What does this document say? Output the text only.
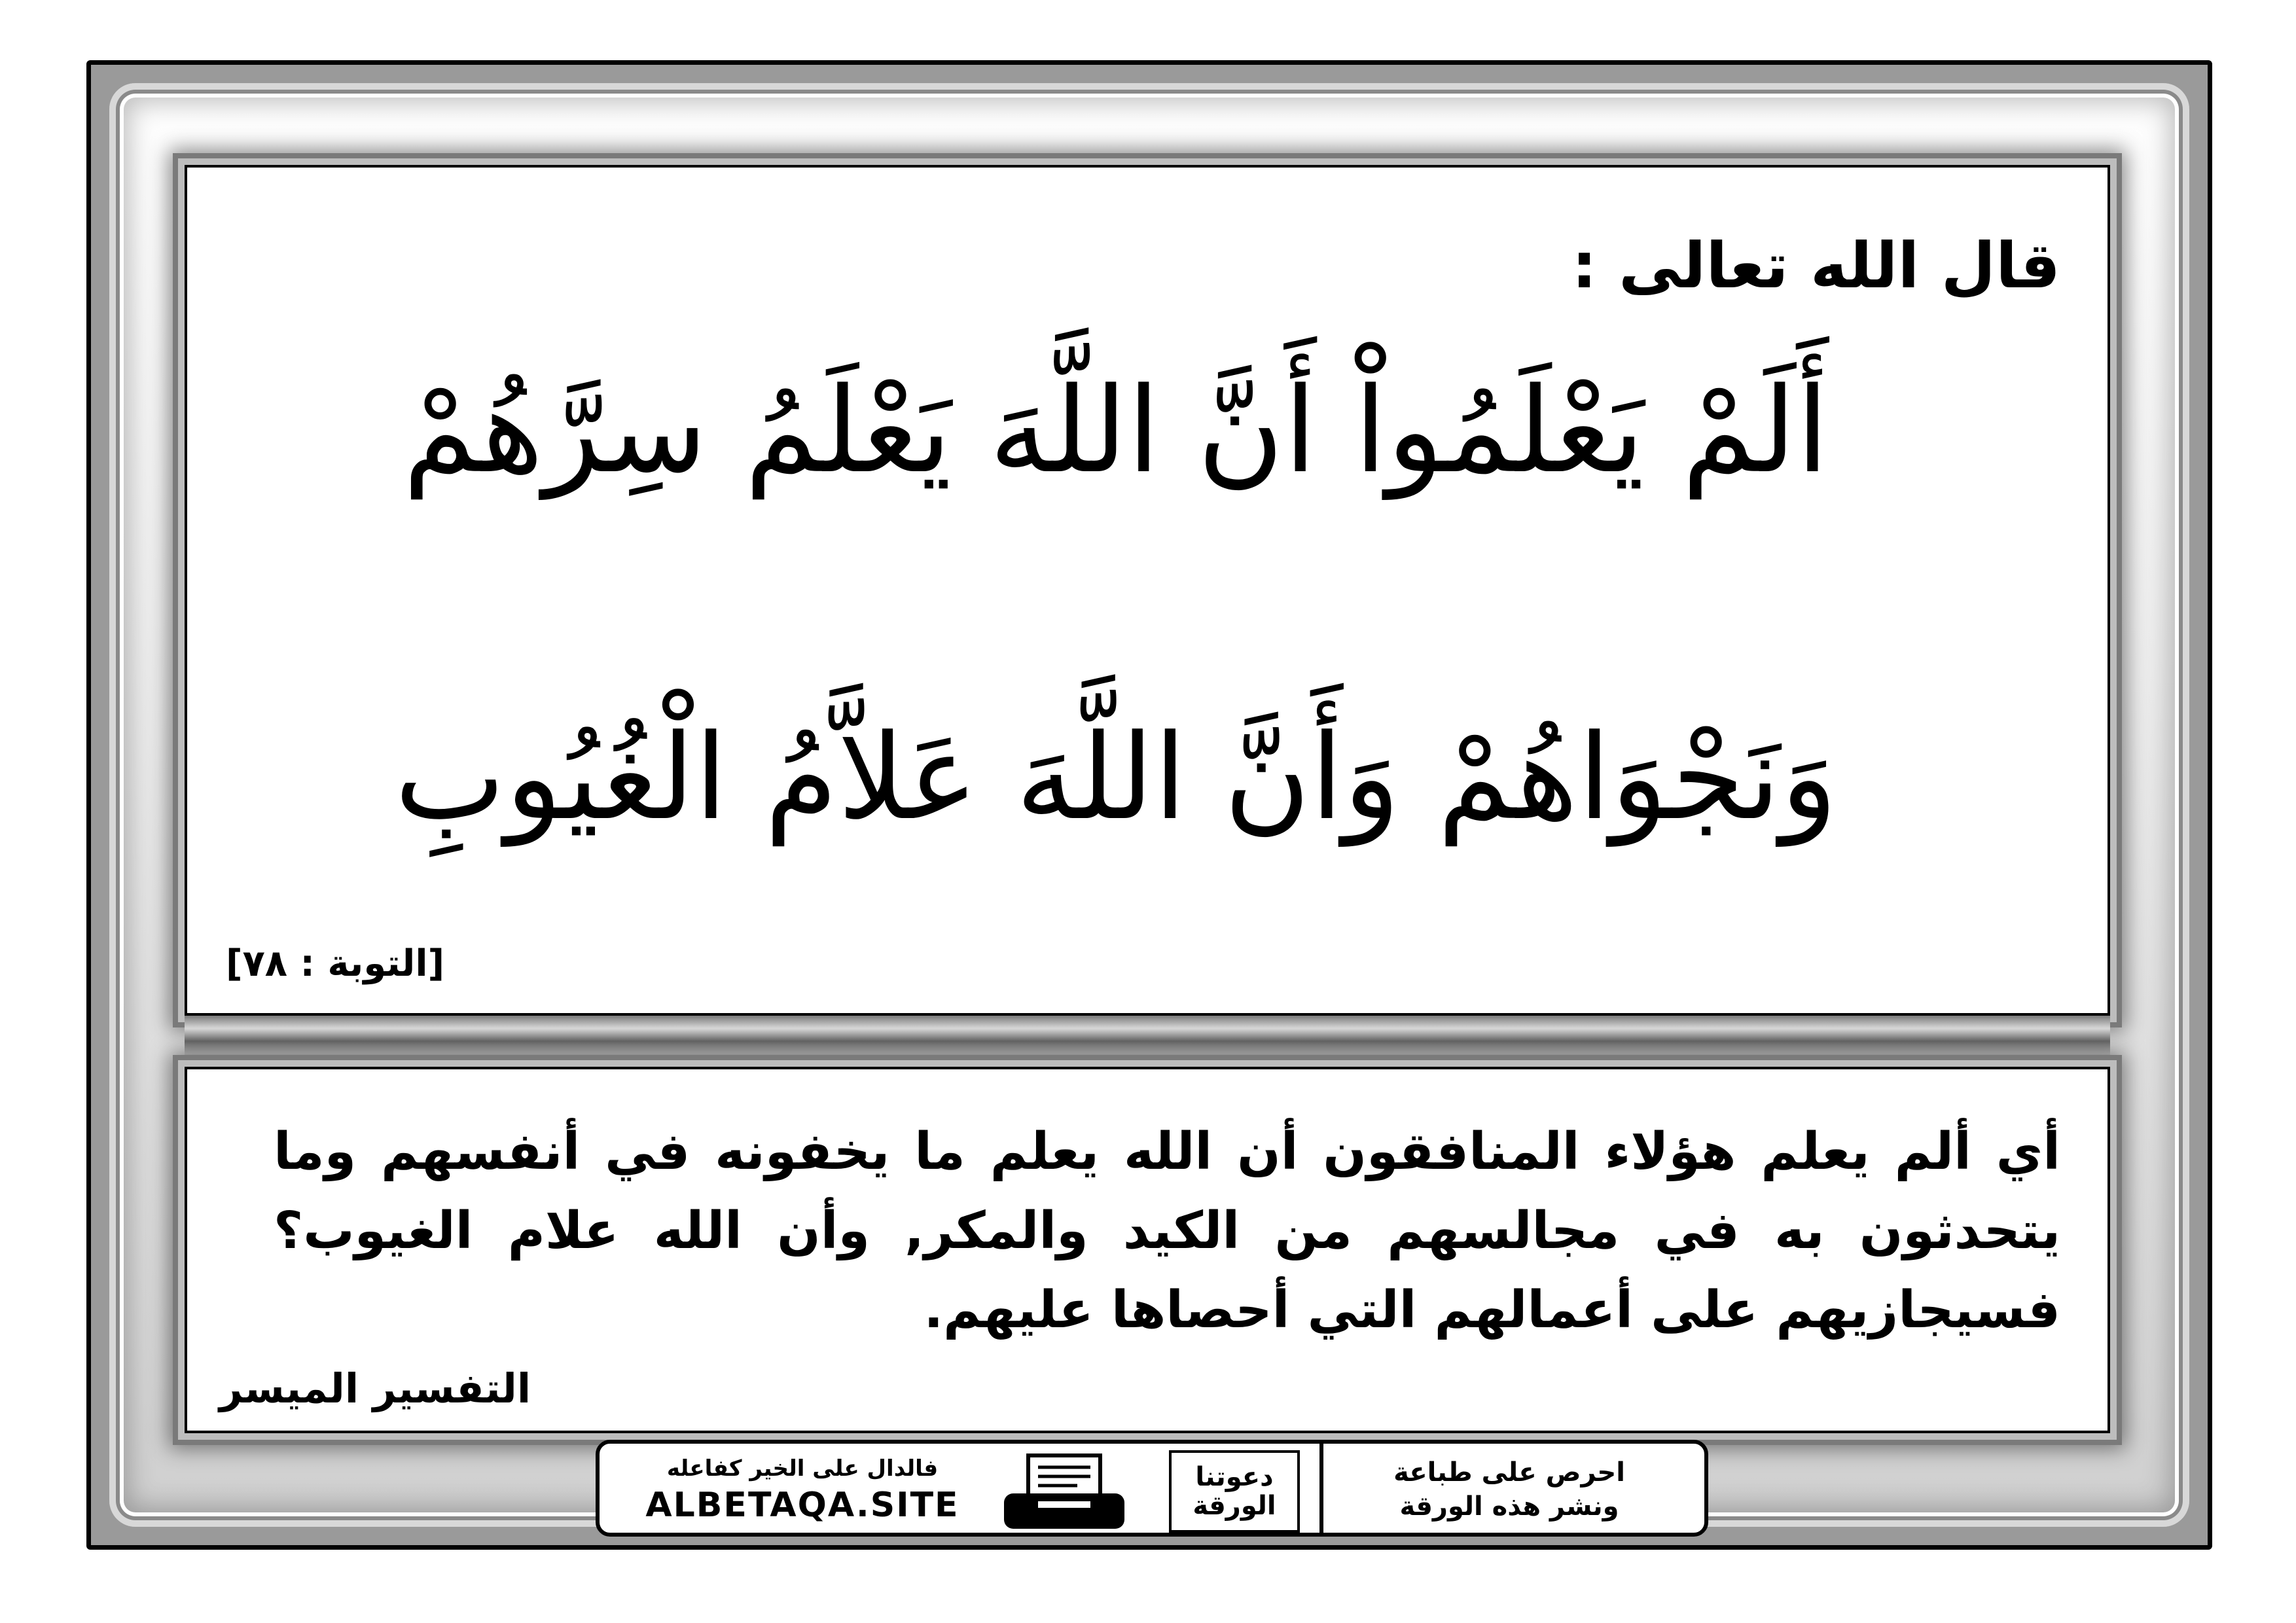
قال الله تعالى :
أَلَمْ يَعْلَمُواْ أَنَّ اللَّهَ يَعْلَمُ سِرَّهُمْ
وَنَجْوَاهُمْ وَأَنَّ اللَّهَ عَلاَّمُ الْغُيُوبِ
[التوبة : ٧٨]
أي ألم يعلم هؤلاء المنافقون أن الله يعلم ما يخفونه في أنفسهم وما يتحدثون به في مجالسهم من الكيد والمكر, وأن الله علام الغيوب؟ فسيجازيهم على أعمالهم التي أحصاها عليهم.
التفسير الميسر
فالدال على الخير كفاعله
ALBETAQA.SITE
دعوتنا
الورقة
احرص على طباعة
ونشر هذه الورقة
